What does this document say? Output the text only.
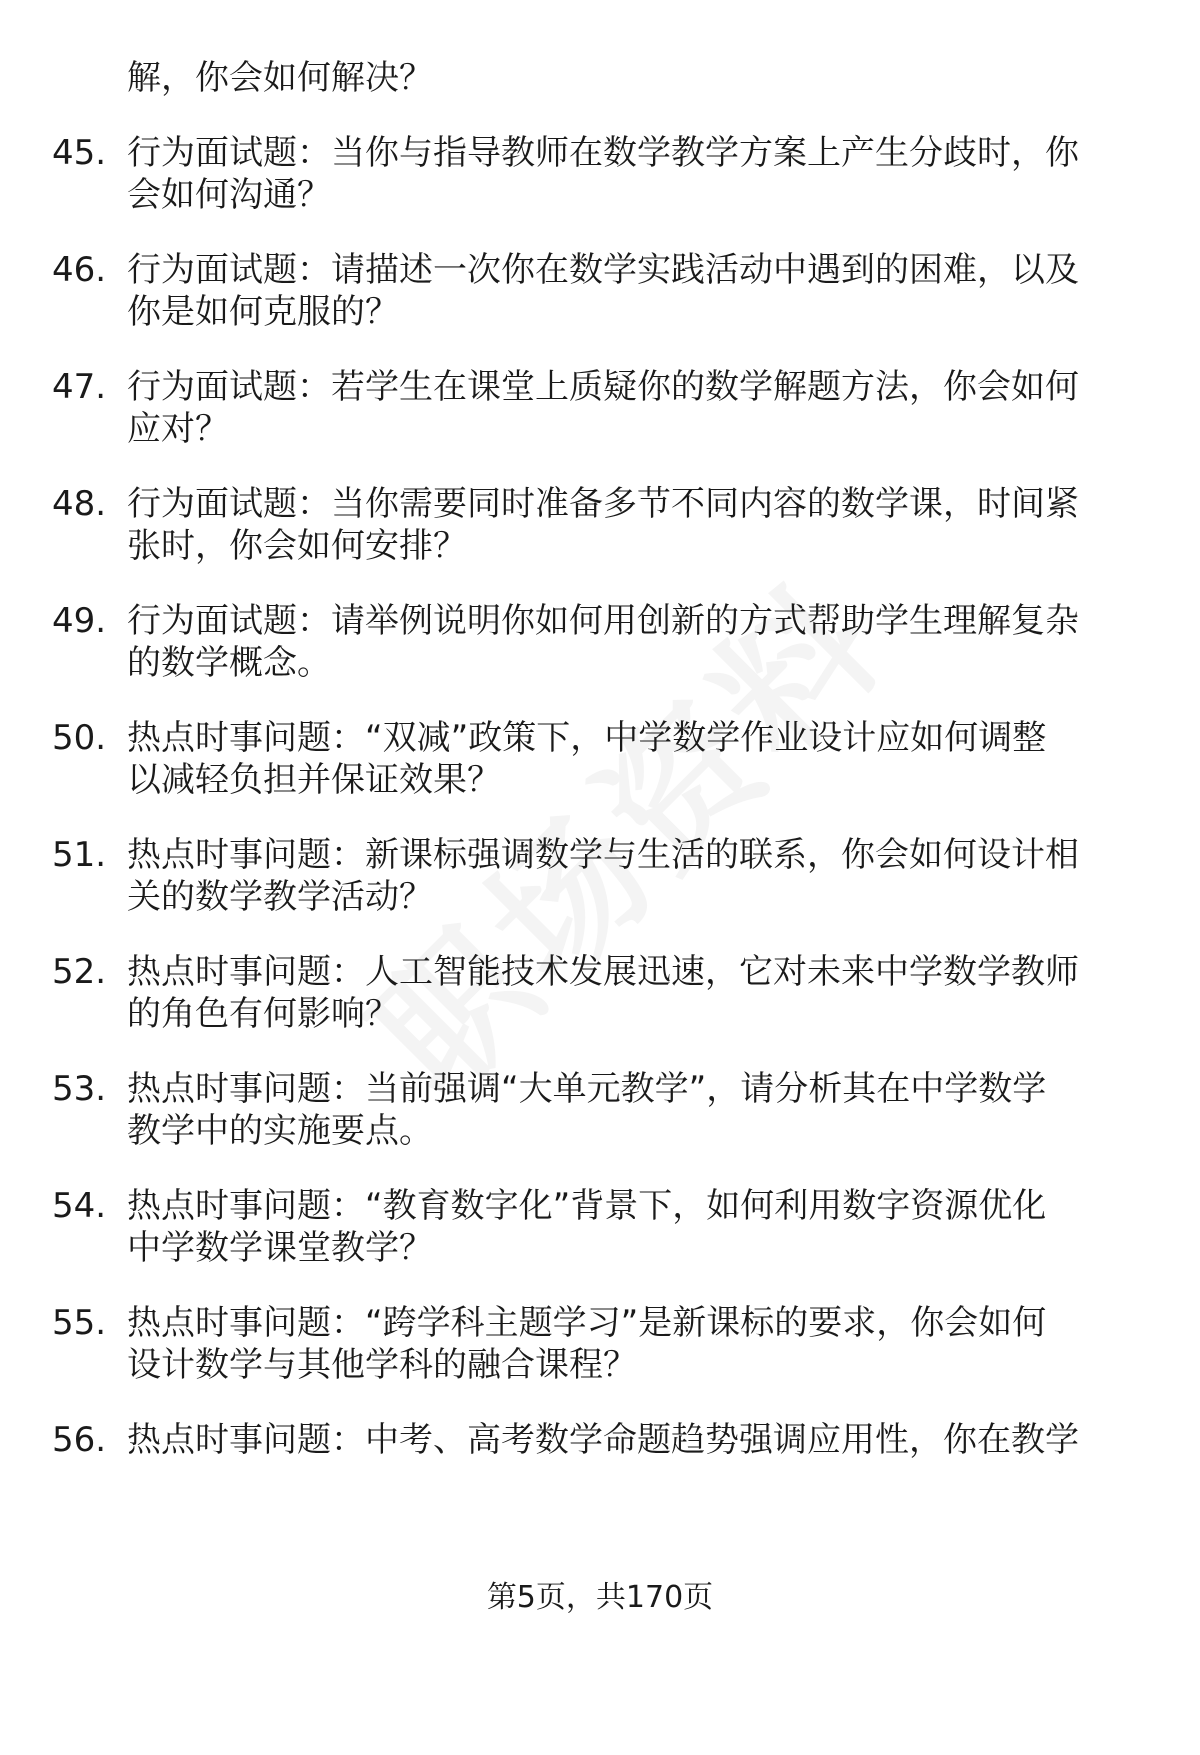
解，你会如何解决？
45. 行为面试题：当你与指导教师在数学教学方案上产生分歧时，你
会如何沟通？
46. 行为面试题：请描述一次你在数学实践活动中遇到的困难，以及
你是如何克服的？
47. 行为面试题：若学生在课堂上质疑你的数学解题方法，你会如何
应对？
48. 行为面试题：当你需要同时准备多节不同内容的数学课，时间紧
张时，你会如何安排？
49. 行为面试题：请举例说明你如何用创新的方式帮助学生理解复杂
的数学概念。
50. 热点时事问题：“双减”政策下，中学数学作业设计应如何调整
以减轻负担并保证效果？
51. 热点时事问题：新课标强调数学与生活的联系，你会如何设计相
关的数学教学活动？
52. 热点时事问题：人工智能技术发展迅速，它对未来中学数学教师
的角色有何影响？
53. 热点时事问题：当前强调“大单元教学”，请分析其在中学数学
教学中的实施要点。
54. 热点时事问题：“教育数字化”背景下，如何利用数字资源优化
中学数学课堂教学？
55. 热点时事问题：“跨学科主题学习”是新课标的要求，你会如何
设计数学与其他学科的融合课程？
56. 热点时事问题：中考、高考数学命题趋势强调应用性，你在教学
第5页，共170页
